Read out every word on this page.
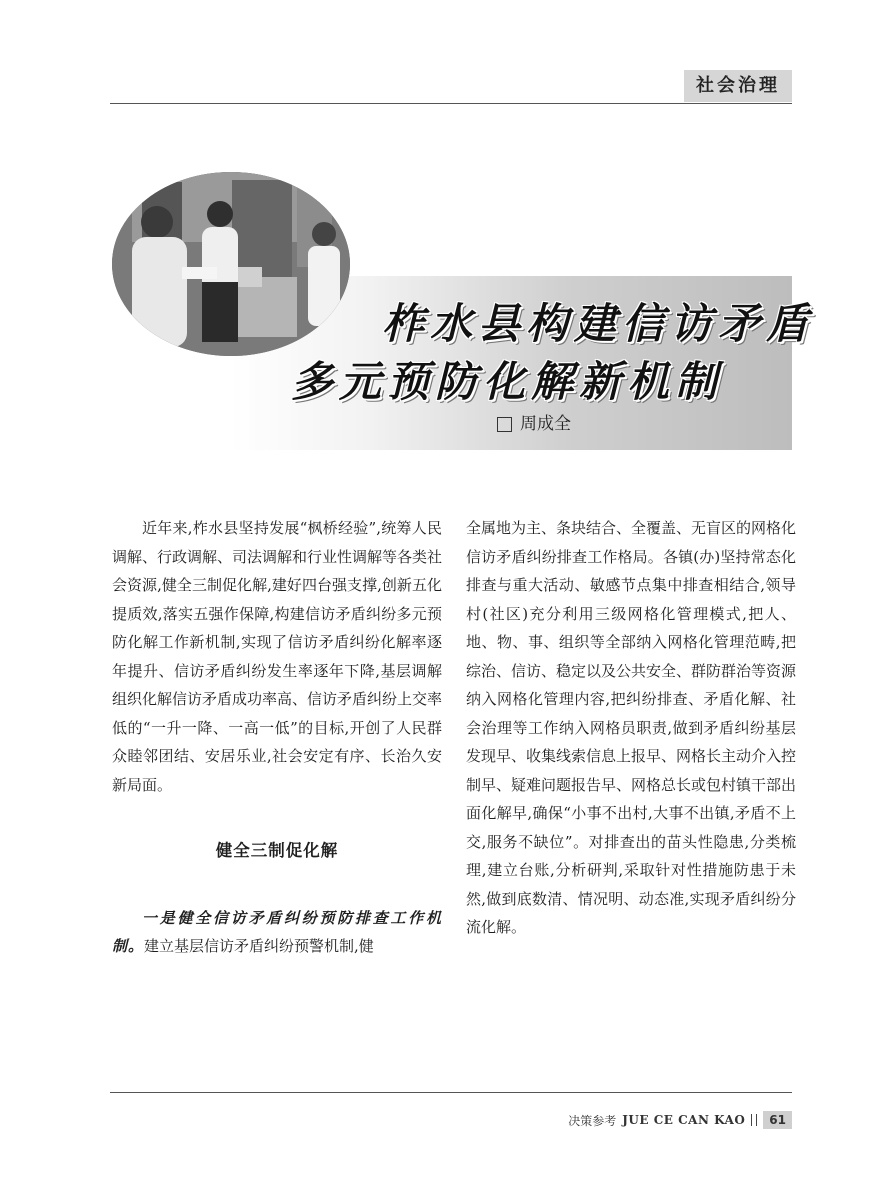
社会治理
柞水县构建信访矛盾
多元预防化解新机制
周成全

近年来,柞水县坚持发展“枫桥经验”,统筹人民调解、行政调解、司法调解和行业性调解等各类社会资源,健全三制促化解,建好四台强支撑,创新五化提质效,落实五强作保障,构建信访矛盾纠纷多元预防化解工作新机制,实现了信访矛盾纠纷化解率逐年提升、信访矛盾纠纷发生率逐年下降,基层调解组织化解信访矛盾成功率高、信访矛盾纠纷上交率低的“一升一降、一高一低”的目标,开创了人民群众睦邻团结、安居乐业,社会安定有序、长治久安新局面。

健全三制促化解

一是健全信访矛盾纠纷预防排查工作机制。建立基层信访矛盾纠纷预警机制,健

全属地为主、条块结合、全覆盖、无盲区的网格化信访矛盾纠纷排查工作格局。各镇(办)坚持常态化排查与重大活动、敏感节点集中排查相结合,领导村(社区)充分利用三级网格化管理模式,把人、地、物、事、组织等全部纳入网格化管理范畴,把综治、信访、稳定以及公共安全、群防群治等资源纳入网格化管理内容,把纠纷排查、矛盾化解、社会治理等工作纳入网格员职责,做到矛盾纠纷基层发现早、收集线索信息上报早、网格长主动介入控制早、疑难问题报告早、网格总长或包村镇干部出面化解早,确保“小事不出村,大事不出镇,矛盾不上交,服务不缺位”。对排查出的苗头性隐患,分类梳理,建立台账,分析研判,采取针对性措施防患于未然,做到底数清、情况明、动态准,实现矛盾纠纷分流化解。

决策参考 JUE CE CAN KAO	61
